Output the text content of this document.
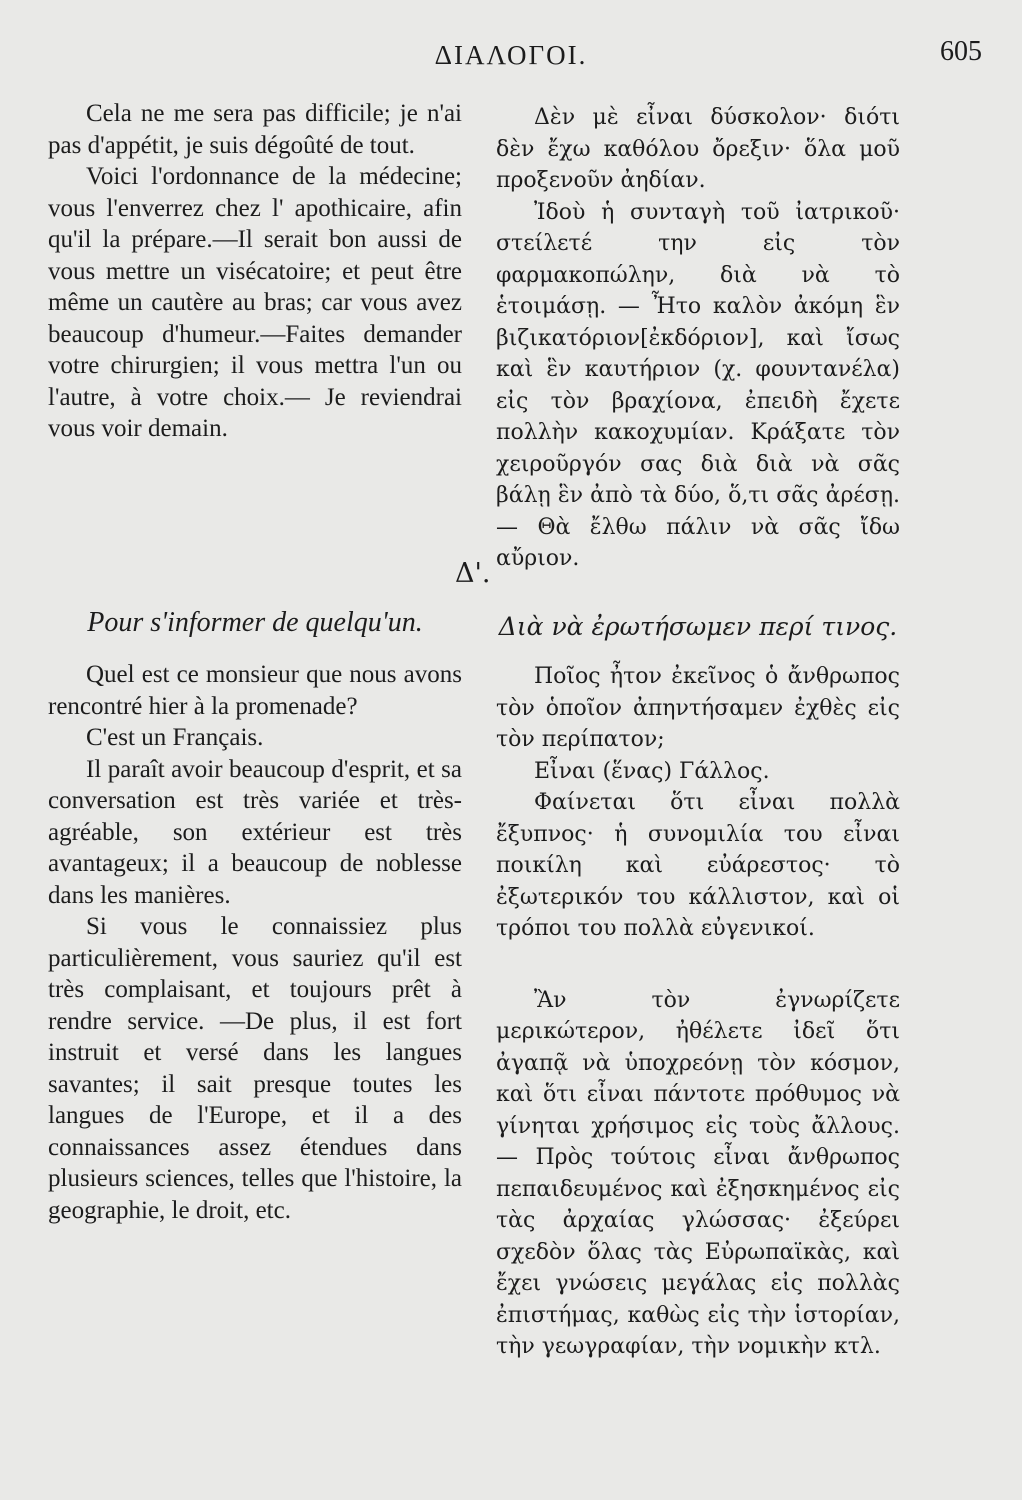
ΔΙΑΛΟΓΟΙ.	605

Cela ne me sera pas difficile; je n'ai pas d'appétit, je suis dégoûté de tout.

Voici l'ordonnance de la médecine; vous l'enverrez chez l' apothicaire, afin qu'il la prépare.—Il serait bon aussi de vous mettre un visécatoire; et peut être même un cautère au bras; car vous avez beaucoup d'humeur.—Faites demander votre chirurgien; il vous mettra l'un ou l'autre, à votre choix.— Je reviendrai vous voir demain.

Pour s'informer de quelqu'un.

Quel est ce monsieur que nous avons rencontré hier à la promenade?

C'est un Français.

Il paraît avoir beaucoup d'esprit, et sa conversation est très variée et très-agréable, son extérieur est très avantageux; il a beaucoup de noblesse dans les manières.

Si vous le connaissiez plus particulièrement, vous sauriez qu'il est très complaisant, et toujours prêt à rendre service. —De plus, il est fort instruit et versé dans les langues savantes; il sait presque toutes les langues de l'Europe, et il a des connaissances assez étendues dans plusieurs sciences, telles que l'histoire, la geographie, le droit, etc.

Δ'.

Δὲν μὲ εἶναι δύσκολον· διότι δὲν ἔχω καθόλου ὄρεξιν· ὅλα μοῦ προξενοῦν ἀηδίαν.

Ἰδοὺ ἡ συνταγὴ τοῦ ἰατρικοῦ· στείλετέ την εἰς τὸν φαρμακοπώλην, διὰ νὰ τὸ ἑτοιμάσῃ. — Ἦτο καλὸν ἀκόμη ἓν βιζικατόριον[ἐκδόριον], καὶ ἴσως καὶ ἓν καυτήριον (χ. φουντανέλα) εἰς τὸν βραχίονα, ἐπειδὴ ἔχετε πολλὴν κακοχυμίαν. Κράξατε τὸν χειροῦργόν σας διὰ διὰ νὰ σᾶς βάλῃ ἓν ἀπὸ τὰ δύο, ὅ,τι σᾶς ἀρέσῃ.— Θὰ ἔλθω πάλιν νὰ σᾶς ἴδω αὔριον.

Διὰ νὰ ἐρωτήσωμεν περί τινος.

Ποῖος ἦτον ἐκεῖνος ὁ ἄνθρωπος τὸν ὁποῖον ἀπηντήσαμεν ἐχθὲς εἰς τὸν περίπατον;

Εἶναι (ἕνας) Γάλλος.

Φαίνεται ὅτι εἶναι πολλὰ ἔξυπνος· ἡ συνομιλία του εἶναι ποικίλη καὶ εὐάρεστος· τὸ ἐξωτερικόν του κάλλιστον, καὶ οἱ τρόποι του πολλὰ εὐγενικοί.

Ἂν τὸν ἐγνωρίζετε μερικώτερον, ἠθέλετε ἰδεῖ ὅτι ἀγαπᾷ νὰ ὑποχρεόνῃ τὸν κόσμον, καὶ ὅτι εἶναι πάντοτε πρόθυμος νὰ γίνηται χρήσιμος εἰς τοὺς ἄλλους.— Πρὸς τούτοις εἶναι ἄνθρωπος πεπαιδευμένος καὶ ἐξησκημένος εἰς τὰς ἀρχαίας γλώσσας· ἐξεύρει σχεδὸν ὅλας τὰς Εὐρωπαϊκὰς, καὶ ἔχει γνώσεις μεγάλας εἰς πολλὰς ἐπιστήμας, καθὼς εἰς τὴν ἱστορίαν, τὴν γεωγραφίαν, τὴν νομικὴν κτλ.
